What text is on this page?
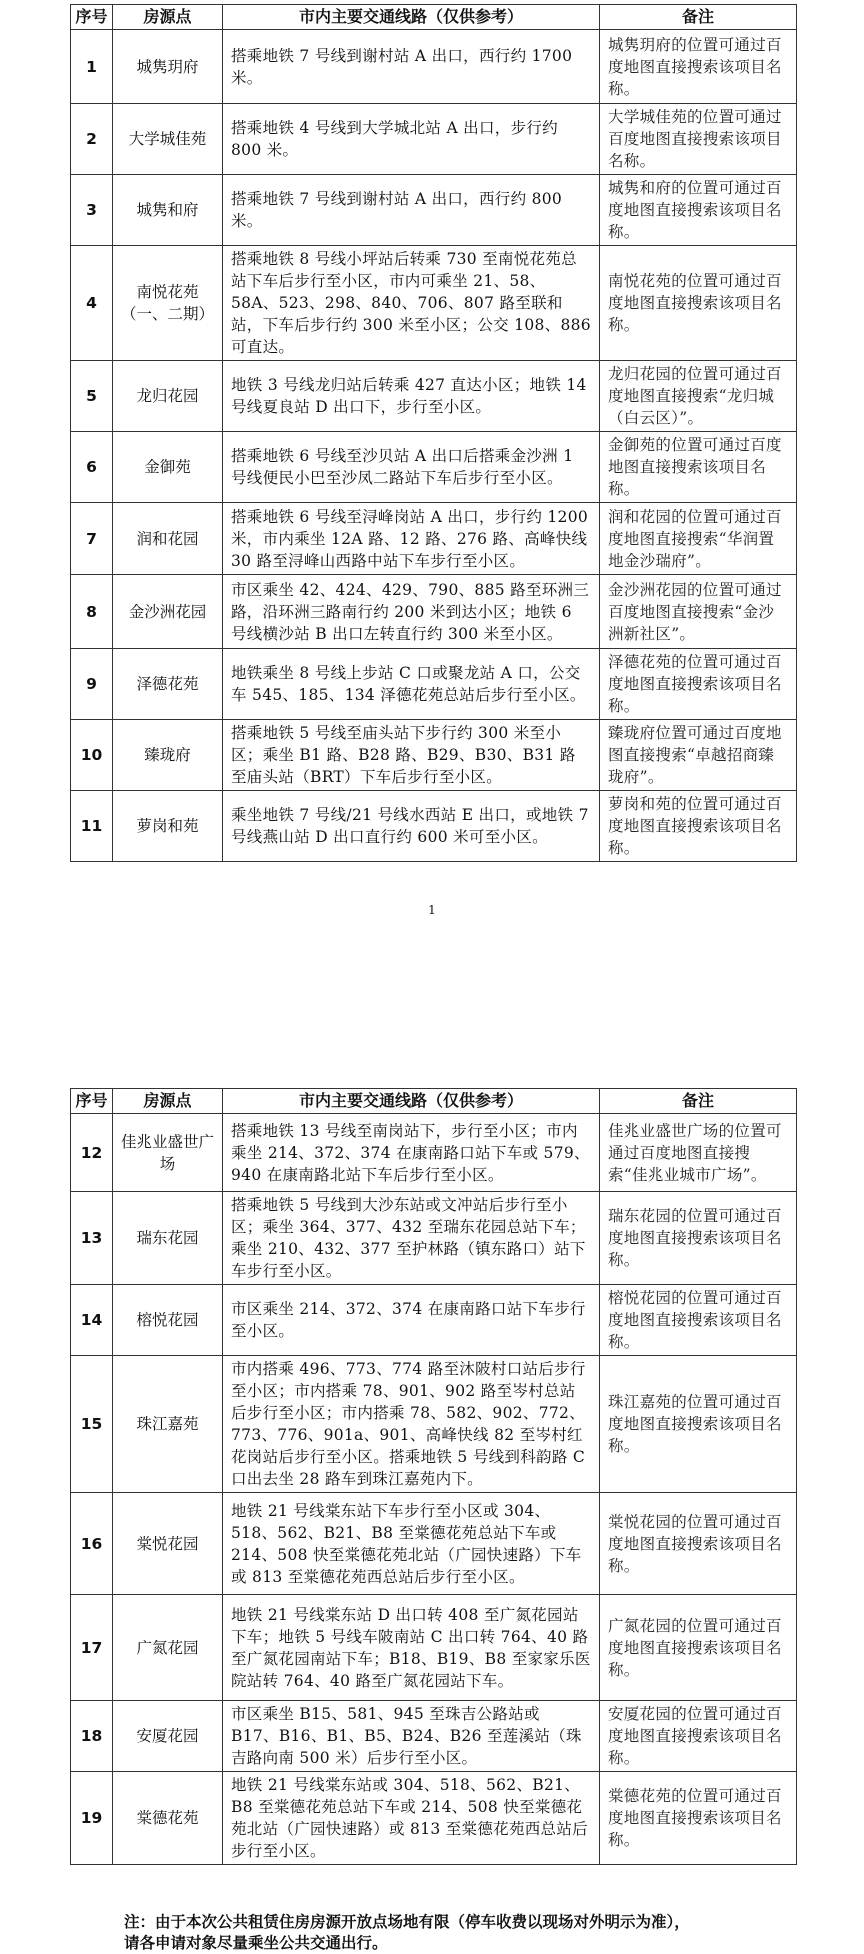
序号	房源点	市内主要交通线路（仅供参考）	备注
1	城隽玥府	搭乘地铁 7 号线到谢村站 A 出口，西行约 1700 米。	城隽玥府的位置可通过百度地图直接搜索该项目名称。
2	大学城佳苑	搭乘地铁 4 号线到大学城北站 A 出口，步行约 800 米。	大学城佳苑的位置可通过百度地图直接搜索该项目名称。
3	城隽和府	搭乘地铁 7 号线到谢村站 A 出口，西行约 800 米。	城隽和府的位置可通过百度地图直接搜索该项目名称。
4	南悦花苑（一、二期）	搭乘地铁 8 号线小坪站后转乘 730 至南悦花苑总站下车后步行至小区，市内可乘坐 21、58、58A、523、298、840、706、807 路至联和站，下车后步行约 300 米至小区；公交 108、886 可直达。	南悦花苑的位置可通过百度地图直接搜索该项目名称。
5	龙归花园	地铁 3 号线龙归站后转乘 427 直达小区；地铁 14 号线夏良站 D 出口下，步行至小区。	龙归花园的位置可通过百度地图直接搜索“龙归城（白云区）”。
6	金御苑	搭乘地铁 6 号线至沙贝站 A 出口后搭乘金沙洲 1 号线便民小巴至沙凤二路站下车后步行至小区。	金御苑的位置可通过百度地图直接搜索该项目名称。
7	润和花园	搭乘地铁 6 号线至浔峰岗站 A 出口，步行约 1200 米，市内乘坐 12A 路、12 路、276 路、高峰快线 30 路至浔峰山西路中站下车步行至小区。	润和花园的位置可通过百度地图直接搜索“华润置地金沙瑞府”。
8	金沙洲花园	市区乘坐 42、424、429、790、885 路至环洲三路，沿环洲三路南行约 200 米到达小区；地铁 6 号线横沙站 B 出口左转直行约 300 米至小区。	金沙洲花园的位置可通过百度地图直接搜索“金沙洲新社区”。
9	泽德花苑	地铁乘坐 8 号线上步站 C 口或聚龙站 A 口，公交车 545、185、134 泽德花苑总站后步行至小区。	泽德花苑的位置可通过百度地图直接搜索该项目名称。
10	臻珑府	搭乘地铁 5 号线至庙头站下步行约 300 米至小区；乘坐 B1 路、B28 路、B29、B30、B31 路至庙头站（BRT）下车后步行至小区。	臻珑府位置可通过百度地图直接搜索“卓越招商臻珑府”。
11	萝岗和苑	乘坐地铁 7 号线/21 号线水西站 E 出口，或地铁 7 号线燕山站 D 出口直行约 600 米可至小区。	萝岗和苑的位置可通过百度地图直接搜索该项目名称。
1
序号	房源点	市内主要交通线路（仅供参考）	备注
12	佳兆业盛世广场	搭乘地铁 13 号线至南岗站下，步行至小区；市内乘坐 214、372、374 在康南路口站下车或 579、940 在康南路北站下车后步行至小区。	佳兆业盛世广场的位置可通过百度地图直接搜索“佳兆业城市广场”。
13	瑞东花园	搭乘地铁 5 号线到大沙东站或文冲站后步行至小区；乘坐 364、377、432 至瑞东花园总站下车；乘坐 210、432、377 至护林路（镇东路口）站下车步行至小区。	瑞东花园的位置可通过百度地图直接搜索该项目名称。
14	榕悦花园	市区乘坐 214、372、374 在康南路口站下车步行至小区。	榕悦花园的位置可通过百度地图直接搜索该项目名称。
15	珠江嘉苑	市内搭乘 496、773、774 路至沐陂村口站后步行至小区；市内搭乘 78、901、902 路至岑村总站后步行至小区；市内搭乘 78、582、902、772、773、776、901a、901、高峰快线 82 至岑村红花岗站后步行至小区。搭乘地铁 5 号线到科韵路 C 口出去坐 28 路车到珠江嘉苑内下。	珠江嘉苑的位置可通过百度地图直接搜索该项目名称。
16	棠悦花园	地铁 21 号线棠东站下车步行至小区或 304、518、562、B21、B8 至棠德花苑总站下车或 214、508 快至棠德花苑北站（广园快速路）下车或 813 至棠德花苑西总站后步行至小区。	棠悦花园的位置可通过百度地图直接搜索该项目名称。
17	广氮花园	地铁 21 号线棠东站 D 出口转 408 至广氮花园站下车；地铁 5 号线车陂南站 C 出口转 764、40 路至广氮花园南站下车；B18、B19、B8 至家家乐医院站转 764、40 路至广氮花园站下车。	广氮花园的位置可通过百度地图直接搜索该项目名称。
18	安厦花园	市区乘坐 B15、581、945 至珠吉公路站或 B17、B16、B1、B5、B24、B26 至莲溪站（珠吉路向南 500 米）后步行至小区。	安厦花园的位置可通过百度地图直接搜索该项目名称。
19	棠德花苑	地铁 21 号线棠东站或 304、518、562、B21、B8 至棠德花苑总站下车或 214、508 快至棠德花苑北站（广园快速路）或 813 至棠德花苑西总站后步行至小区。	棠德花苑的位置可通过百度地图直接搜索该项目名称。
注：由于本次公共租赁住房房源开放点场地有限（停车收费以现场对外明示为准），
请各申请对象尽量乘坐公共交通出行。
